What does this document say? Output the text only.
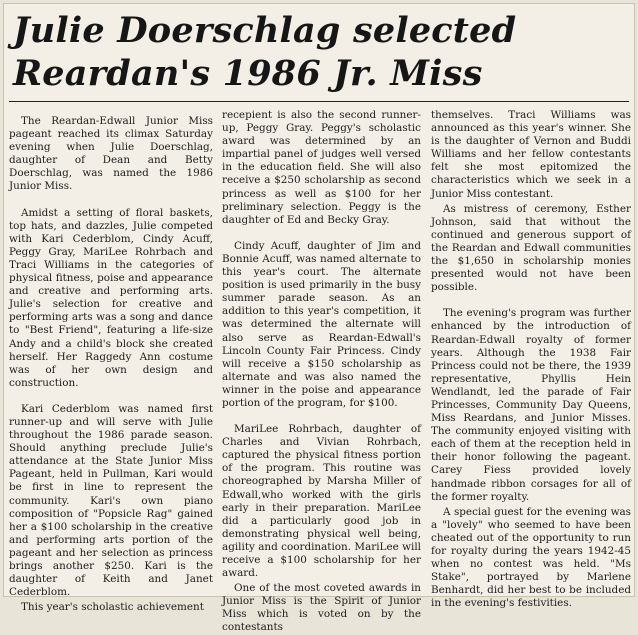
Julie Doerschlag selected
Reardan's 1986 Jr. Miss

The Reardan-Edwall Junior Miss pageant reached its climax Saturday evening when Julie Doerschlag, daughter of Dean and Betty Doerschlag, was named the 1986 Junior Miss.

Amidst a setting of floral baskets, top hats, and dazzles, Julie competed with Kari Cederblom, Cindy Acuff, Peggy Gray, MariLee Rohrbach and Traci Williams in the categories of physical fitness, poise and appearance and creative and performing arts. Julie's selection for creative and performing arts was a song and dance to "Best Friend", featuring a life-size Andy and a child's block she created herself. Her Raggedy Ann costume was of her own design and construction.

Kari Cederblom was named first runner-up and will serve with Julie throughout the 1986 parade season. Should anything preclude Julie's attendance at the State Junior Miss Pageant, held in Pullman, Kari would be first in line to represent the community. Kari's own piano composition of "Popsicle Rag" gained her a $100 scholarship in the creative and performing arts portion of the pageant and her selection as princess brings another $250. Kari is the daughter of Keith and Janet Cederblom.

This year's scholastic achievement

recepient is also the second runner-up, Peggy Gray. Peggy's scholastic award was determined by an impartial panel of judges well versed in the education field. She will also receive a $250 scholarship as second princess as well as $100 for her preliminary selection. Peggy is the daughter of Ed and Becky Gray.

Cindy Acuff, daughter of Jim and Bonnie Acuff, was named alternate to this year's court. The alternate position is used primarily in the busy summer parade season. As an addition to this year's competition, it was determined the alternate will also serve as Reardan-Edwall's Lincoln County Fair Princess. Cindy will receive a $150 scholarship as alternate and was also named the winner in the poise and appearance portion of the program, for $100.

MariLee Rohrbach, daughter of Charles and Vivian Rohrbach, captured the physical fitness portion of the program. This routine was choreographed by Marsha Miller of Edwall,who worked with the girls early in their preparation. MariLee did a particularly good job in demonstrating physical well being, agility and coordination. MariLee will receive a $100 scholarship for her award.

One of the most coveted awards in Junior Miss is the Spirit of Junior Miss which is voted on by the contestants

themselves. Traci Williams was announced as this year's winner. She is the daughter of Vernon and Buddi Williams and her fellow contestants felt she most epitomized the characteristics which we seek in a Junior Miss contestant.

As mistress of ceremony, Esther Johnson, said that without the continued and generous support of the Reardan and Edwall communities the $1,650 in scholarship monies presented would not have been possible.

The evening's program was further enhanced by the introduction of Reardan-Edwall royalty of former years. Although the 1938 Fair Princess could not be there, the 1939 representative, Phyllis Hein Wendlandt, led the parade of Fair Princesses, Community Day Queens, Miss Reardans, and Junior Misses. The community enjoyed visiting with each of them at the reception held in their honor following the pageant. Carey Fiess provided lovely handmade ribbon corsages for all of the former royalty.

A special guest for the evening was a "lovely" who seemed to have been cheated out of the opportunity to run for royalty during the years 1942-45 when no contest was held. "Ms Stake", portrayed by Marlene Benhardt, did her best to be included in the evening's festivities.
